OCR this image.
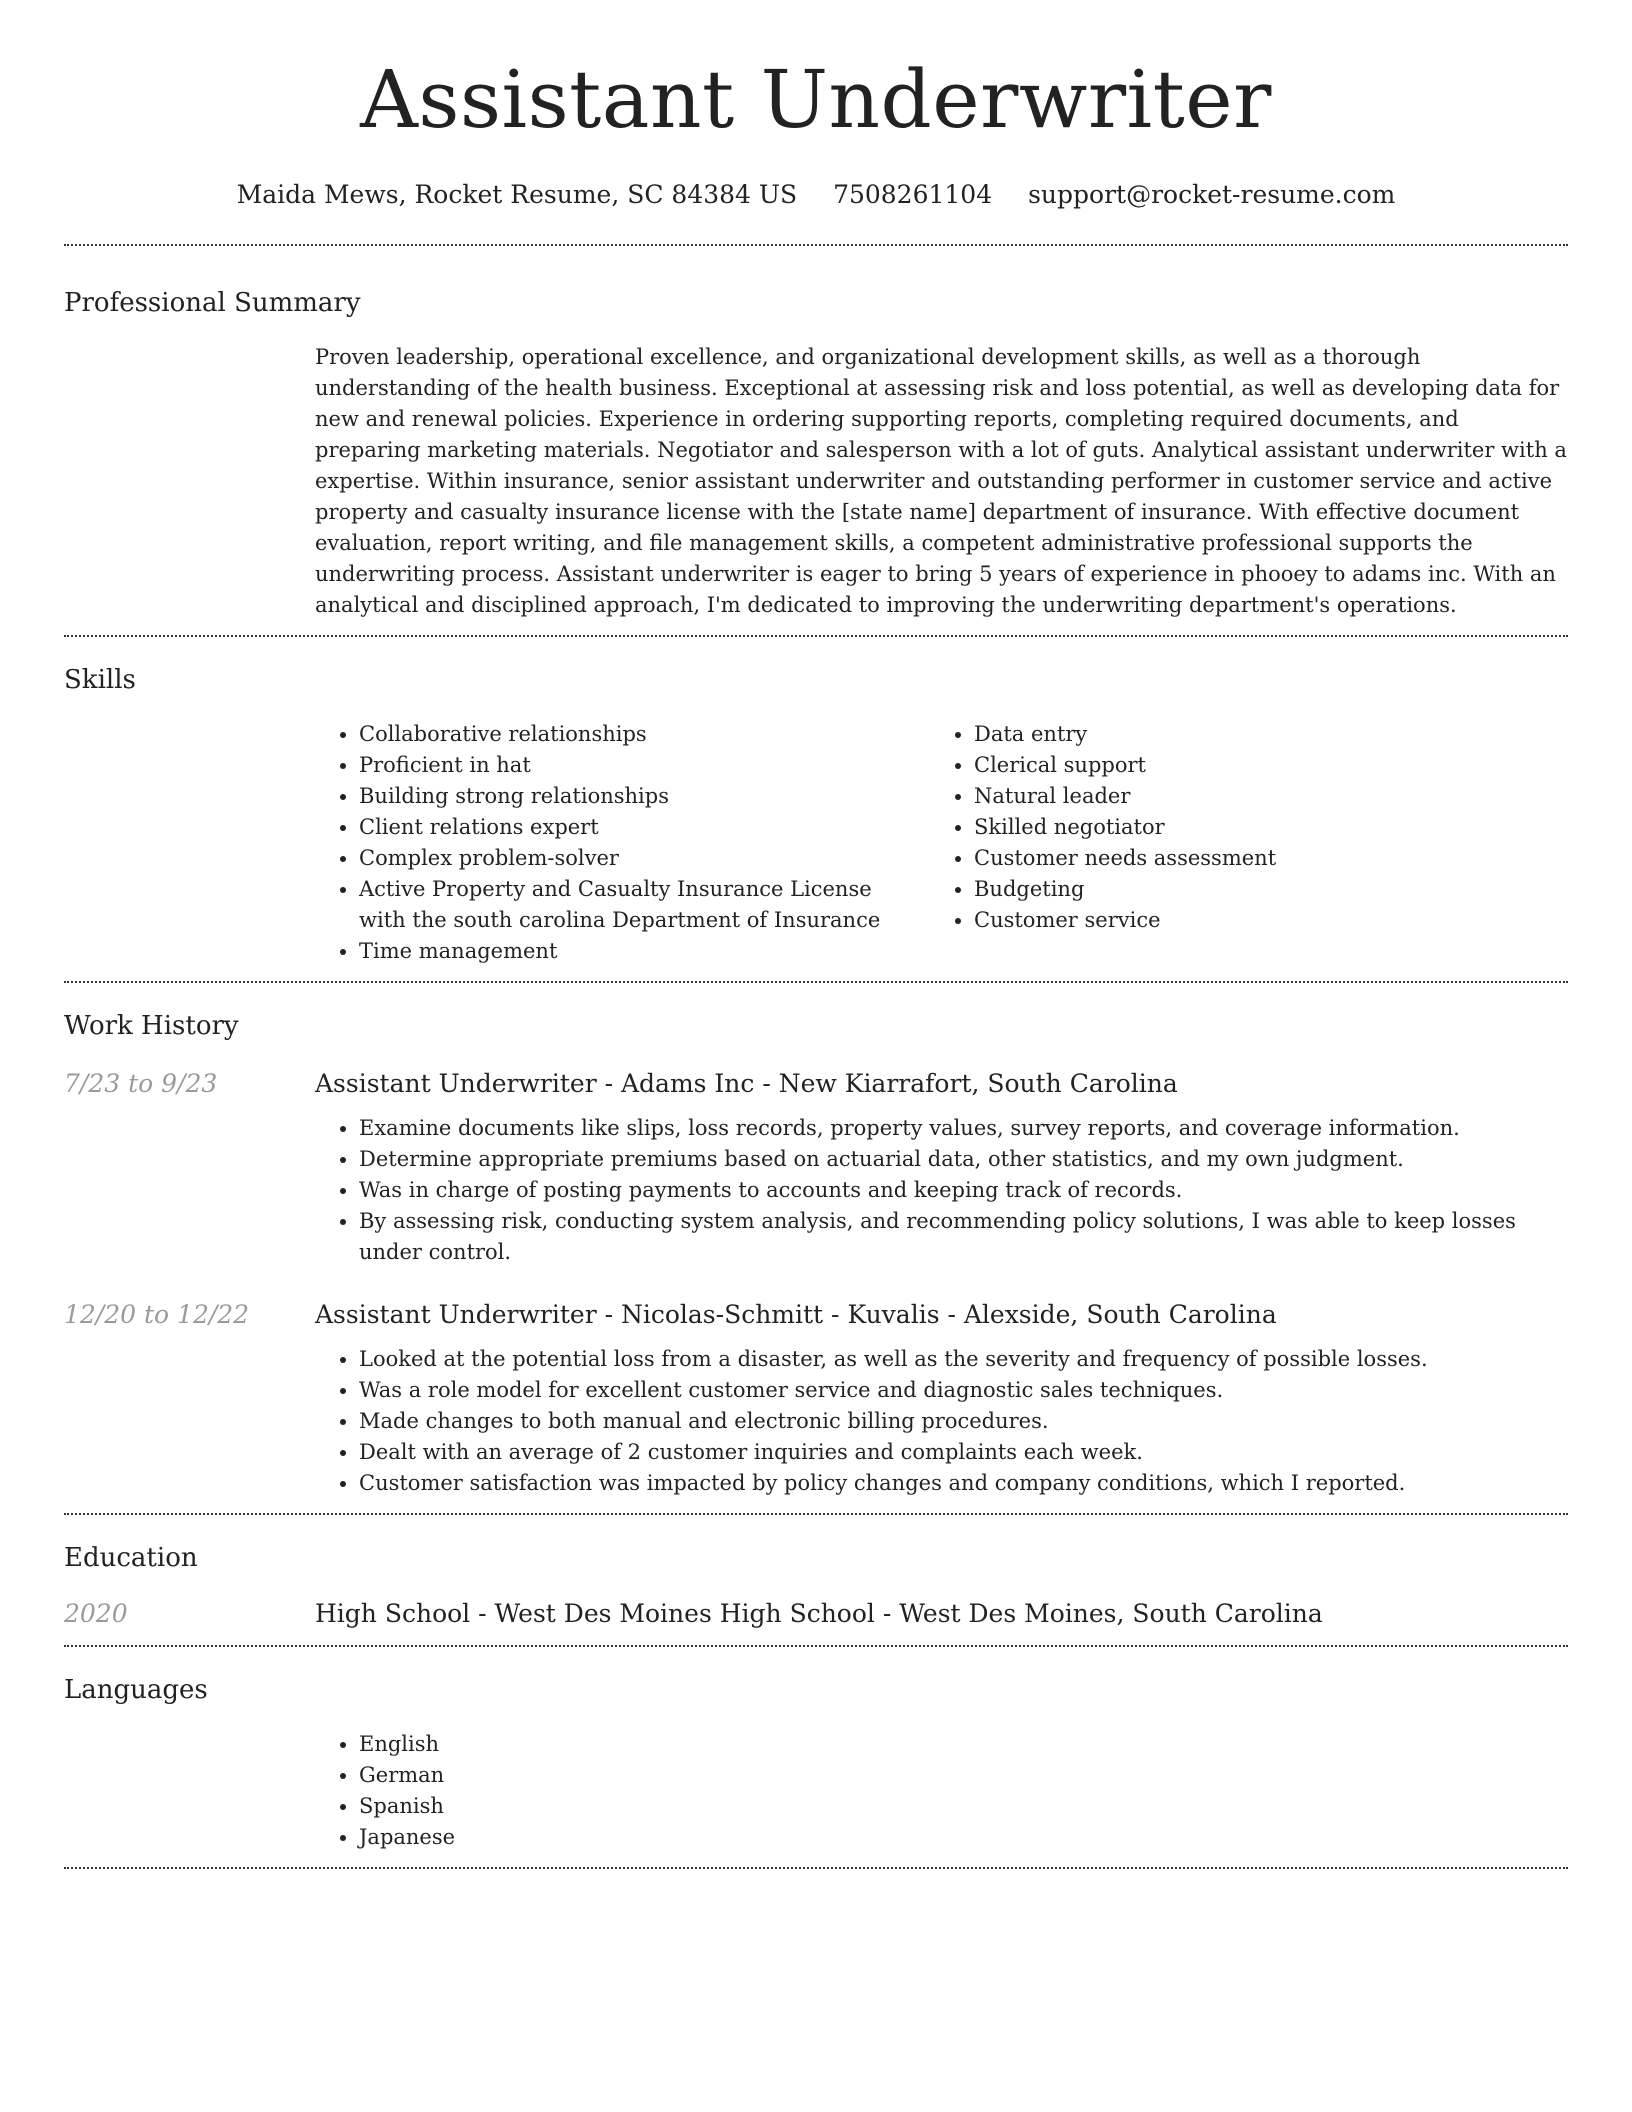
Assistant Underwriter
Maida Mews, Rocket Resume, SC 84384 US 7508261104 support@rocket-resume.com
Professional Summary

Proven leadership, operational excellence, and organizational development skills, as well as a thorough understanding of the health business. Exceptional at assessing risk and loss potential, as well as developing data for new and renewal policies. Experience in ordering supporting reports, completing required documents, and preparing marketing materials. Negotiator and salesperson with a lot of guts. Analytical assistant underwriter with a expertise. Within insurance, senior assistant underwriter and outstanding performer in customer service and active property and casualty insurance license with the [state name] department of insurance. With effective document evaluation, report writing, and file management skills, a competent administrative professional supports the underwriting process. Assistant underwriter is eager to bring 5 years of experience in phooey to adams inc. With an analytical and disciplined approach, I'm dedicated to improving the underwriting department's operations.

Skills
• Collaborative relationships
• Proficient in hat
• Building strong relationships
• Client relations expert
• Complex problem-solver
• Active Property and Casualty Insurance License with the south carolina Department of Insurance
• Time management
• Data entry
• Clerical support
• Natural leader
• Skilled negotiator
• Customer needs assessment
• Budgeting
• Customer service
Work History
7/23 to 9/23	Assistant Underwriter - Adams Inc - New Kiarrafort, South Carolina
• Examine documents like slips, loss records, property values, survey reports, and coverage information.
• Determine appropriate premiums based on actuarial data, other statistics, and my own judgment.
• Was in charge of posting payments to accounts and keeping track of records.
• By assessing risk, conducting system analysis, and recommending policy solutions, I was able to keep losses under control.
12/20 to 12/22	Assistant Underwriter - Nicolas-Schmitt - Kuvalis - Alexside, South Carolina
• Looked at the potential loss from a disaster, as well as the severity and frequency of possible losses.
• Was a role model for excellent customer service and diagnostic sales techniques.
• Made changes to both manual and electronic billing procedures.
• Dealt with an average of 2 customer inquiries and complaints each week.
• Customer satisfaction was impacted by policy changes and company conditions, which I reported.
Education
2020	High School - West Des Moines High School - West Des Moines, South Carolina
Languages
• English
• German
• Spanish
• Japanese
